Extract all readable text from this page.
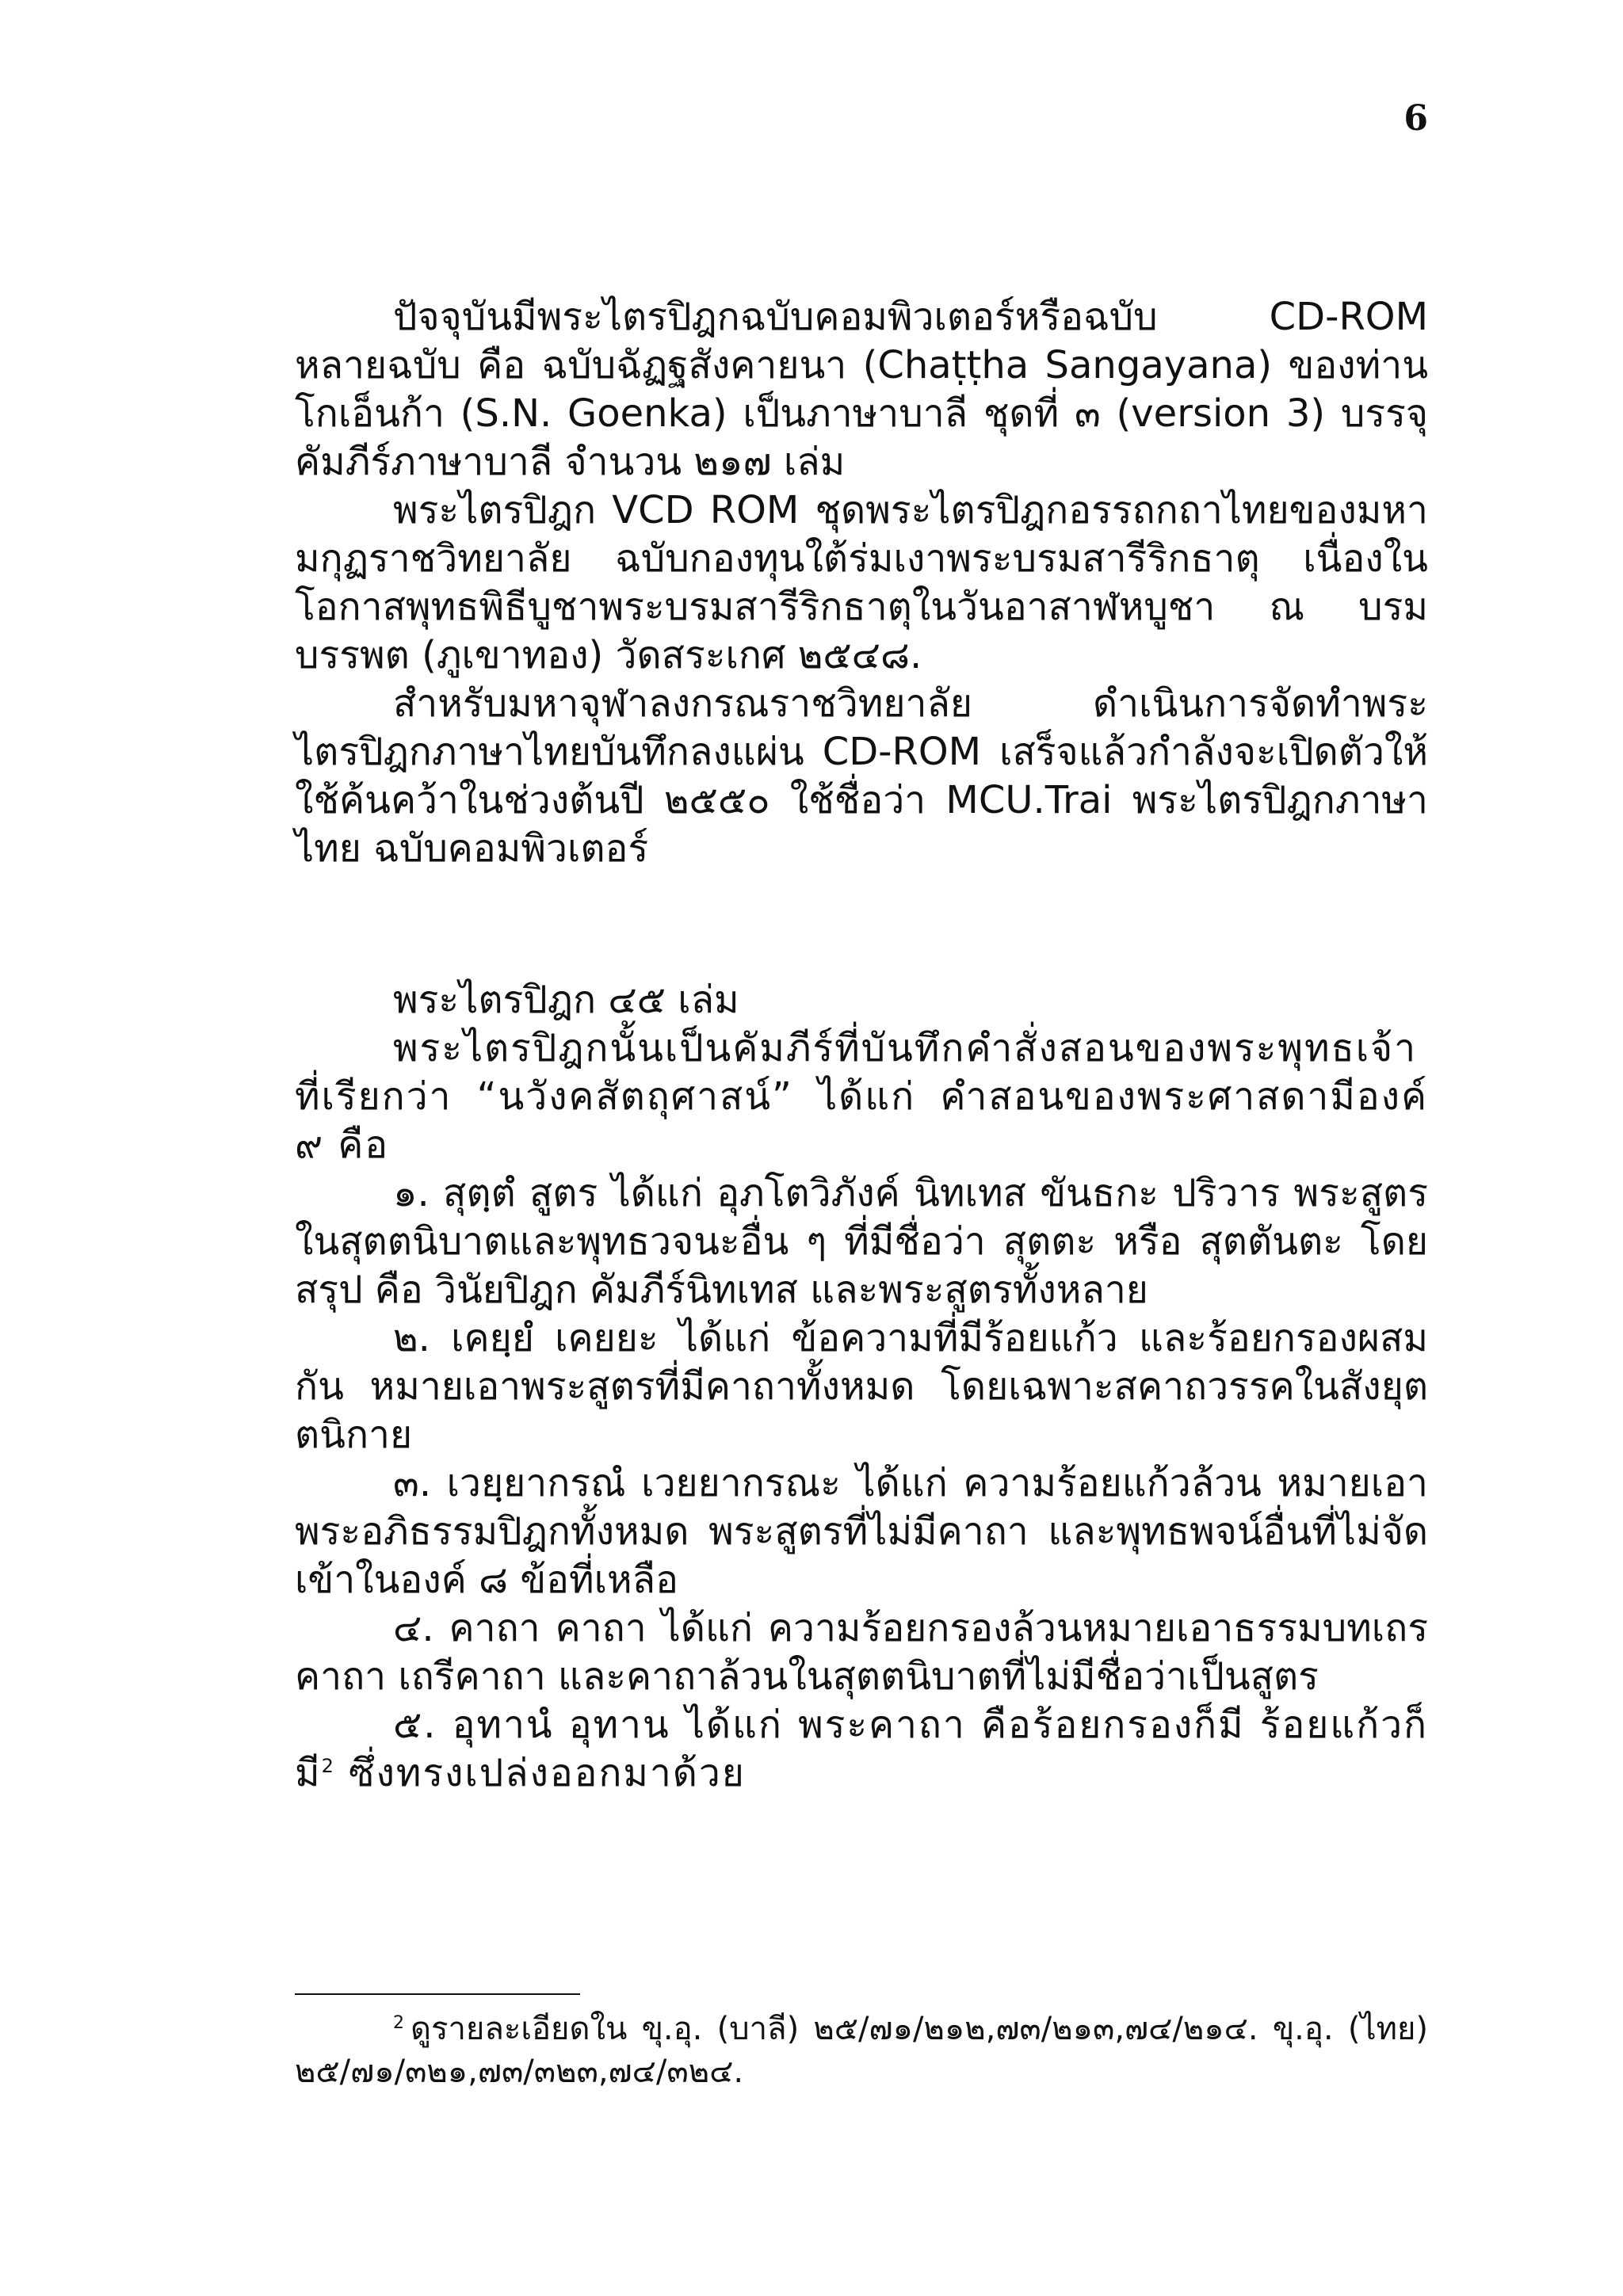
6

ปัจจุบันมีพระไตรปิฎกฉบับคอมพิวเตอร์หรือฉบับ CD-ROM หลายฉบับ คือ ฉบับฉัฏฐสังคายนา (Chaṭṭha Sangayana) ของท่านโกเอ็นก้า (S.N. Goenka) เป็นภาษาบาลี ชุดที่ ๓ (version 3) บรรจุคัมภีร์ภาษาบาลี จำนวน ๒๑๗ เล่ม

พระไตรปิฎก VCD ROM ชุดพระไตรปิฎกอรรถกถาไทยของมหามกุฏราชวิทยาลัย ฉบับกองทุนใต้ร่มเงาพระบรมสารีริกธาตุ เนื่องในโอกาสพุทธพิธีบูชาพระบรมสารีริกธาตุในวันอาสาฬหบูชา ณ บรมบรรพต (ภูเขาทอง) วัดสระเกศ ๒๕๔๘.

สำหรับมหาจุฬาลงกรณราชวิทยาลัย ดำเนินการจัดทำพระไตรปิฎกภาษาไทยบันทึกลงแผ่น CD-ROM เสร็จแล้วกำลังจะเปิดตัวให้ใช้ค้นคว้าในช่วงต้นปี ๒๕๕๐ ใช้ชื่อว่า MCU.Trai พระไตรปิฎกภาษาไทย ฉบับคอมพิวเตอร์

พระไตรปิฎก ๔๕ เล่ม

พระไตรปิฎกนั้นเป็นคัมภีร์ที่บันทึกคำสั่งสอนของพระพุทธเจ้า ที่เรียกว่า “นวังคสัตถุศาสน์” ได้แก่ คำสอนของพระศาสดามีองค์ ๙ คือ

๑. สุตฺตํ สูตร ได้แก่ อุภโตวิภังค์ นิทเทส ขันธกะ ปริวาร พระสูตรในสุตตนิบาตและพุทธวจนะอื่น ๆ ที่มีชื่อว่า สุตตะ หรือ สุตตันตะ โดยสรุป คือ วินัยปิฎก คัมภีร์นิทเทส และพระสูตรทั้งหลาย

๒. เคยฺยํ เคยยะ ได้แก่ ข้อความที่มีร้อยแก้ว และร้อยกรองผสมกัน หมายเอาพระสูตรที่มีคาถาทั้งหมด โดยเฉพาะสคาถวรรคในสังยุตตนิกาย

๓. เวยฺยากรณํ เวยยากรณะ ได้แก่ ความร้อยแก้วล้วน หมายเอาพระอภิธรรมปิฎกทั้งหมด พระสูตรที่ไม่มีคาถา และพุทธพจน์อื่นที่ไม่จัดเข้าในองค์ ๘ ข้อที่เหลือ

๔. คาถา คาถา ได้แก่ ความร้อยกรองล้วนหมายเอาธรรมบทเถรคาถา เถรีคาถา และคาถาล้วนในสุตตนิบาตที่ไม่มีชื่อว่าเป็นสูตร

๕. อุทานํ อุทาน ได้แก่ พระคาถา คือร้อยกรองก็มี ร้อยแก้วก็มี$^2$ ซึ่งทรงเปล่งออกมาด้วย

$^2$ ดูรายละเอียดใน ขุ.อุ. (บาลี) ๒๕/๗๑/๒๑๒,๗๓/๒๑๓,๗๔/๒๑๔. ขุ.อุ. (ไทย) ๒๕/๗๑/๓๒๑,๗๓/๓๒๓,๗๔/๓๒๔.
